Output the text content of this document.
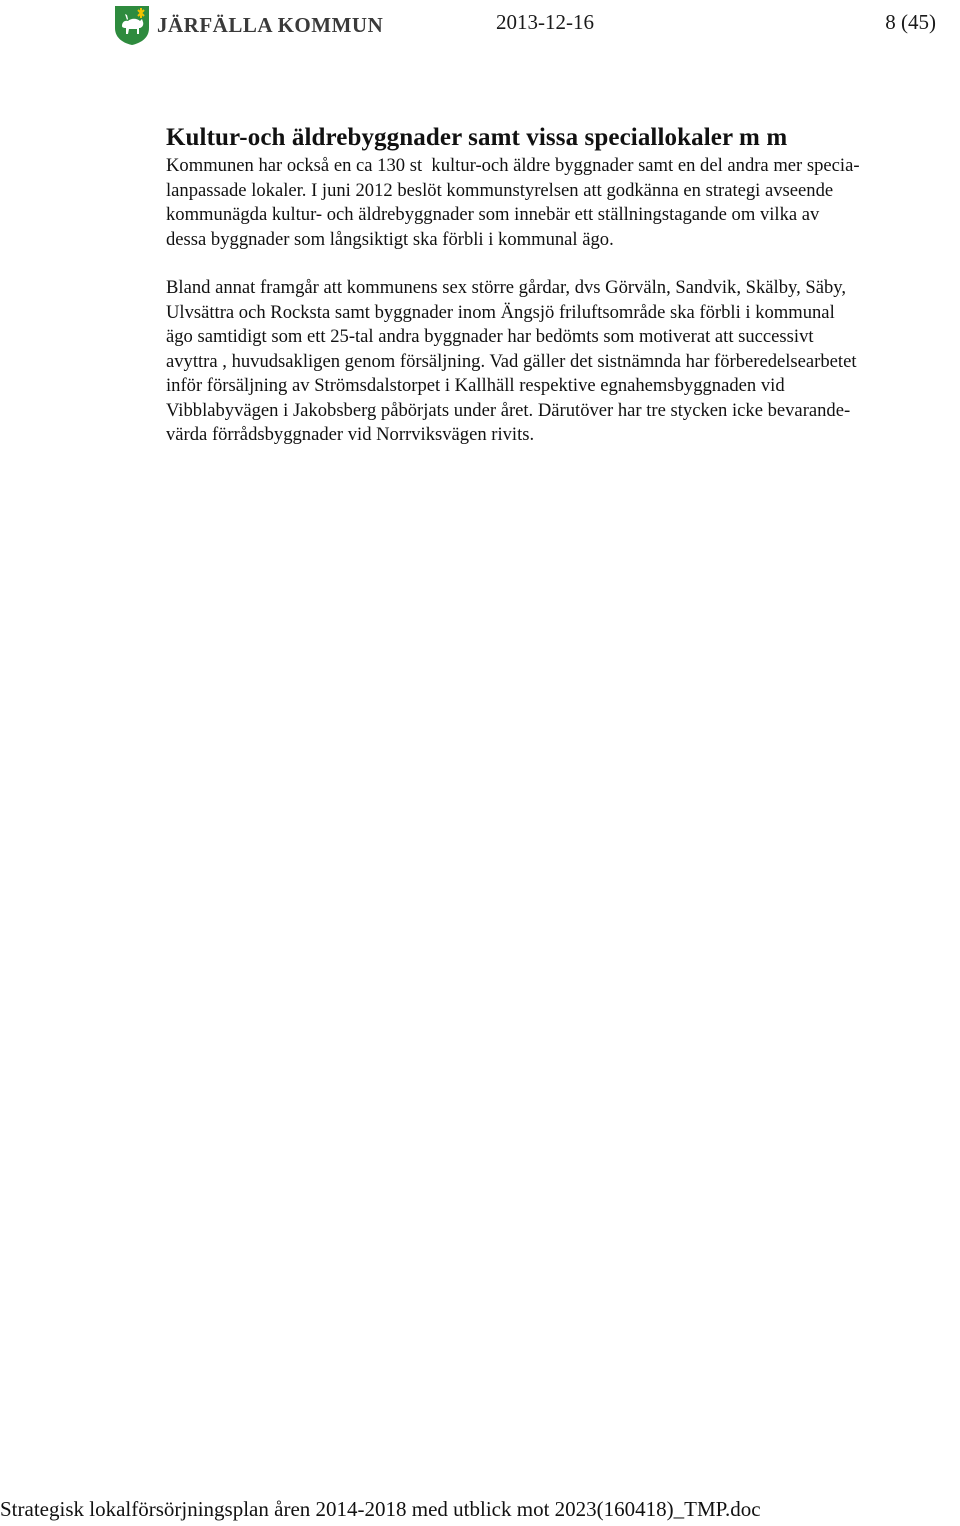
JÄRFÄLLA KOMMUN	2013-12-16	8 (45)
Kultur-och äldrebyggnader samt vissa speciallokaler m m

Kommunen har också en ca 130 st  kultur-och äldre byggnader samt en del andra mer specia-

lanpassade lokaler. I juni 2012 beslöt kommunstyrelsen att godkänna en strategi avseende

kommunägda kultur- och äldrebyggnader som innebär ett ställningstagande om vilka av

dessa byggnader som långsiktigt ska förbli i kommunal ägo.

Bland annat framgår att kommunens sex större gårdar, dvs Görväln, Sandvik, Skälby, Säby,

Ulvsättra och Rocksta samt byggnader inom Ängsjö friluftsområde ska förbli i kommunal

ägo samtidigt som ett 25-tal andra byggnader har bedömts som motiverat att successivt

avyttra , huvudsakligen genom försäljning. Vad gäller det sistnämnda har förberedelsearbetet

inför försäljning av Strömsdalstorpet i Kallhäll respektive egnahemsbyggnaden vid

Vibblabyvägen i Jakobsberg påbörjats under året. Därutöver har tre stycken icke bevarande-

värda förrådsbyggnader vid Norrviksvägen rivits.

Strategisk lokalförsörjningsplan åren 2014-2018 med utblick mot 2023(160418)_TMP.doc
